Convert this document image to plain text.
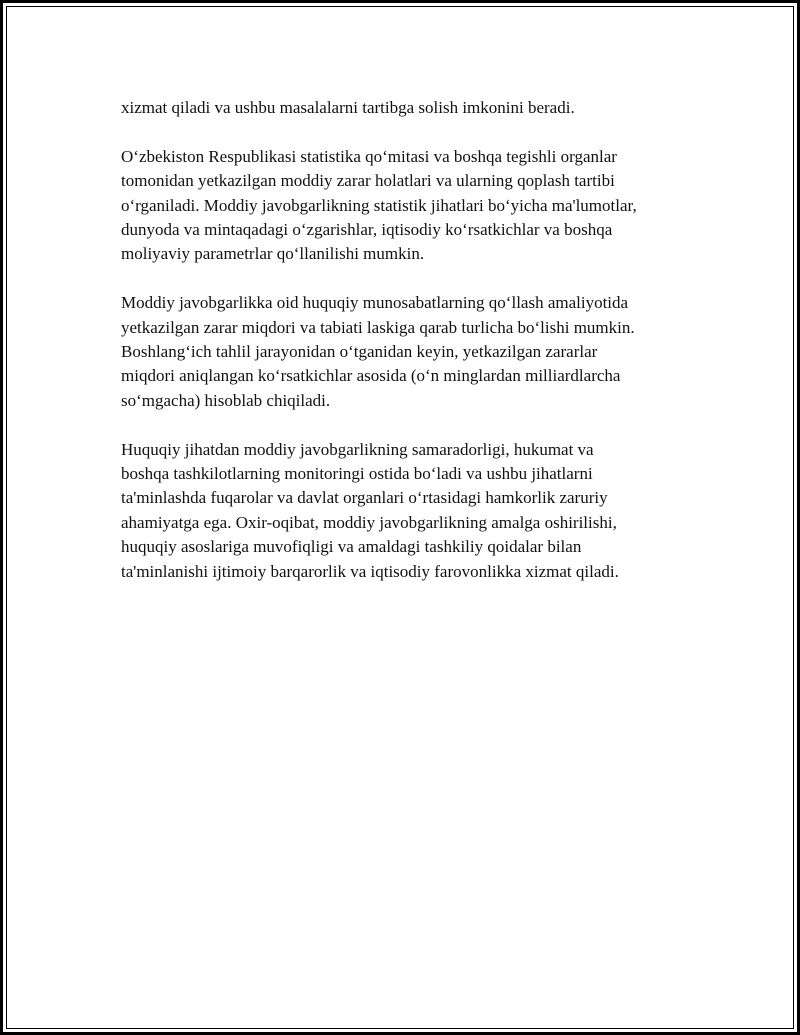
xizmat qiladi va ushbu masalalarni tartibga solish imkonini beradi.

O‘zbekiston Respublikasi statistika qo‘mitasi va boshqa tegishli organlar
tomonidan yetkazilgan moddiy zarar holatlari va ularning qoplash tartibi
o‘rganiladi. Moddiy javobgarlikning statistik jihatlari bo‘yicha ma'lumotlar,
dunyoda va mintaqadagi o‘zgarishlar, iqtisodiy ko‘rsatkichlar va boshqa
moliyaviy parametrlar qo‘llanilishi mumkin.

Moddiy javobgarlikka oid huquqiy munosabatlarning qo‘llash amaliyotida
yetkazilgan zarar miqdori va tabiati laskiga qarab turlicha bo‘lishi mumkin.
Boshlang‘ich tahlil jarayonidan o‘tganidan keyin, yetkazilgan zararlar
miqdori aniqlangan ko‘rsatkichlar asosida (o‘n minglardan milliardlarcha
so‘mgacha) hisoblab chiqiladi.

Huquqiy jihatdan moddiy javobgarlikning samaradorligi, hukumat va
boshqa tashkilotlarning monitoringi ostida bo‘ladi va ushbu jihatlarni
ta'minlashda fuqarolar va davlat organlari o‘rtasidagi hamkorlik zaruriy
ahamiyatga ega. Oxir-oqibat, moddiy javobgarlikning amalga oshirilishi,
huquqiy asoslariga muvofiqligi va amaldagi tashkiliy qoidalar bilan
ta'minlanishi ijtimoiy barqarorlik va iqtisodiy farovonlikka xizmat qiladi.
